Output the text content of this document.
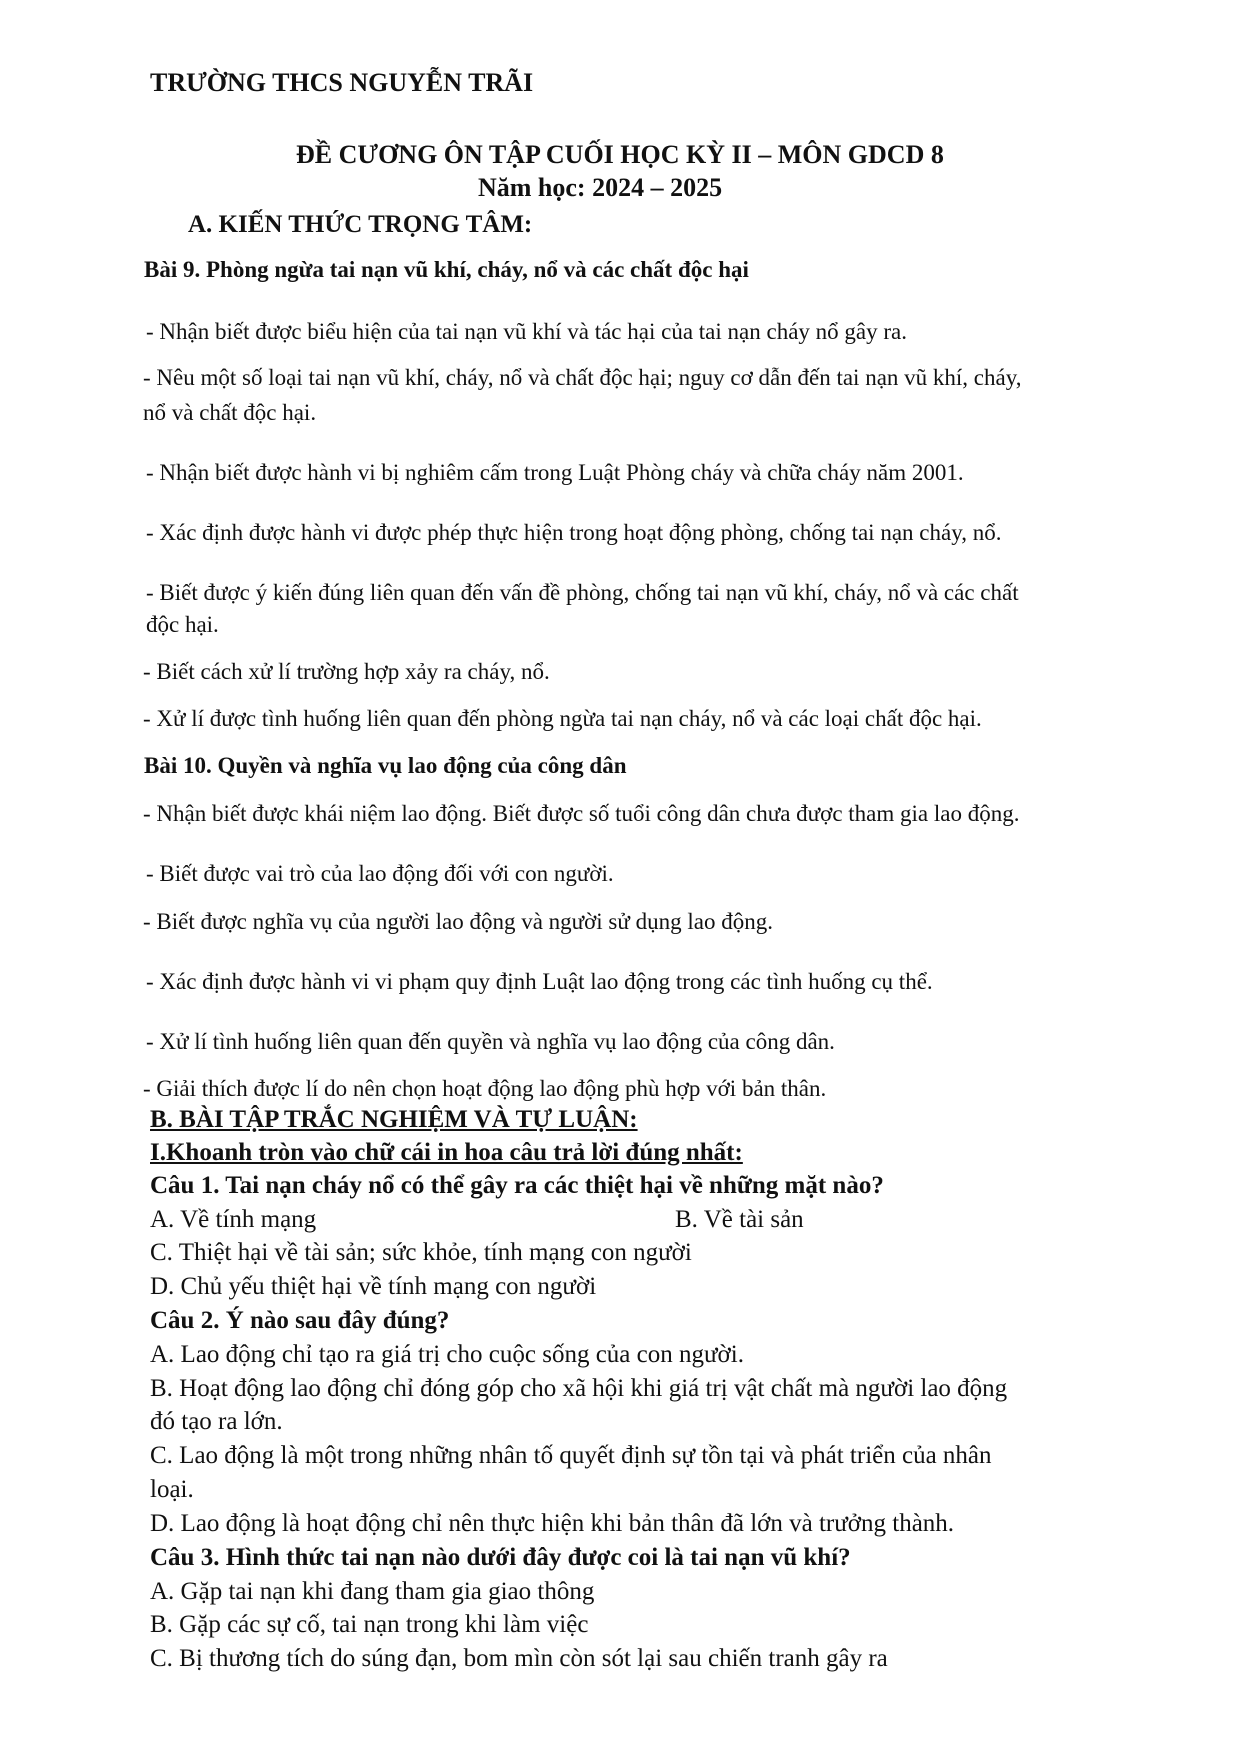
TRƯỜNG THCS NGUYỄN TRÃI
ĐỀ CƯƠNG ÔN TẬP CUỐI HỌC KỲ II – MÔN GDCD 8
Năm học: 2024 – 2025
A. KIẾN THỨC TRỌNG TÂM:
Bài 9. Phòng ngừa tai nạn vũ khí, cháy, nổ và các chất độc hại
- Nhận biết được biểu hiện của tai nạn vũ khí và tác hại của tai nạn cháy nổ gây ra.
- Nêu một số loại tai nạn vũ khí, cháy, nổ và chất độc hại; nguy cơ dẫn đến tai nạn vũ khí, cháy,
nổ và chất độc hại.
- Nhận biết được hành vi bị nghiêm cấm trong Luật Phòng cháy và chữa cháy năm 2001.
- Xác định được hành vi được phép thực hiện trong hoạt động phòng, chống tai nạn cháy, nổ.
- Biết được ý kiến đúng liên quan đến vấn đề phòng, chống tai nạn vũ khí, cháy, nổ và các chất
độc hại.
- Biết cách xử lí trường hợp xảy ra cháy, nổ.
- Xử lí được tình huống liên quan đến phòng ngừa tai nạn cháy, nổ và các loại chất độc hại.
Bài 10. Quyền và nghĩa vụ lao động của công dân
- Nhận biết được khái niệm lao động. Biết được số tuổi công dân chưa được tham gia lao động.
- Biết được vai trò của lao động đối với con người.
- Biết được nghĩa vụ của người lao động và người sử dụng lao động.
- Xác định được hành vi vi phạm quy định Luật lao động trong các tình huống cụ thể.
- Xử lí tình huống liên quan đến quyền và nghĩa vụ lao động của công dân.
- Giải thích được lí do nên chọn hoạt động lao động phù hợp với bản thân.
B. BÀI TẬP TRẮC NGHIỆM VÀ TỰ LUẬN:
I.Khoanh tròn vào chữ cái in hoa câu trả lời đúng nhất:
Câu 1. Tai nạn cháy nổ có thể gây ra các thiệt hại về những mặt nào?
A. Về tính mạng	B. Về tài sản
C. Thiệt hại về tài sản; sức khỏe, tính mạng con người
D. Chủ yếu thiệt hại về tính mạng con người
Câu 2. Ý nào sau đây đúng?
A. Lao động chỉ tạo ra giá trị cho cuộc sống của con người.
B. Hoạt động lao động chỉ đóng góp cho xã hội khi giá trị vật chất mà người lao động
đó tạo ra lớn.
C. Lao động là một trong những nhân tố quyết định sự tồn tại và phát triển của nhân
loại.
D. Lao động là hoạt động chỉ nên thực hiện khi bản thân đã lớn và trưởng thành.
Câu 3. Hình thức tai nạn nào dưới đây được coi là tai nạn vũ khí?
A. Gặp tai nạn khi đang tham gia giao thông
B. Gặp các sự cố, tai nạn trong khi làm việc
C. Bị thương tích do súng đạn, bom mìn còn sót lại sau chiến tranh gây ra
